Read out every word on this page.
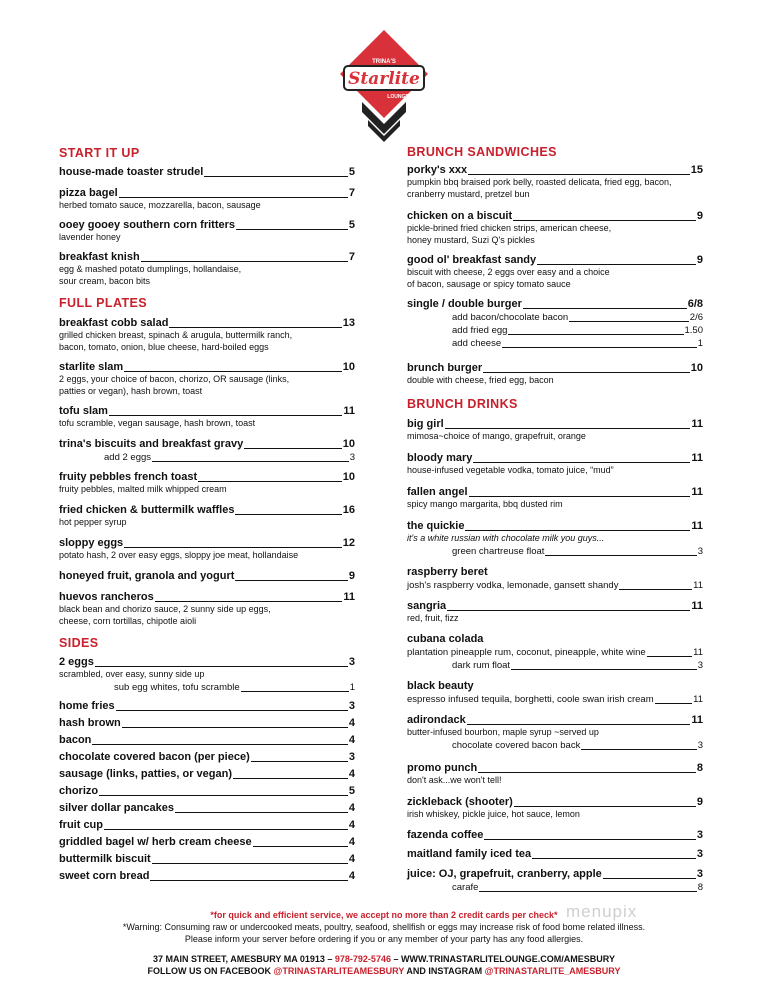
TRINA'S
Starlite
LOUNGE
START IT UP
house-made toaster strudel	5
pizza bagel	7
herbed tomato sauce, mozzarella, bacon, sausage
ooey gooey southern corn fritters	5
lavender honey
breakfast knish	7
egg & mashed potato dumplings, hollandaise,
sour cream, bacon bits
FULL PLATES
breakfast cobb salad	13
grilled chicken breast, spinach & arugula, buttermilk ranch,
bacon, tomato, onion, blue cheese, hard-boiled eggs
starlite slam	10
2 eggs, your choice of bacon, chorizo, OR sausage (links,
patties or vegan), hash brown, toast
tofu slam	11
tofu scramble, vegan sausage, hash brown, toast
trina's biscuits and breakfast gravy	10
add 2 eggs	3
fruity pebbles french toast	10
fruity pebbles, malted milk whipped cream
fried chicken & buttermilk waffles	16
hot pepper syrup
sloppy eggs	12
potato hash, 2 over easy eggs, sloppy joe meat, hollandaise
honeyed fruit, granola and yogurt	9
huevos rancheros	11
black bean and chorizo sauce, 2 sunny side up eggs,
cheese, corn tortillas, chipotle aioli
SIDES
2 eggs	3
scrambled, over easy, sunny side up
sub egg whites, tofu scramble	1
home fries	3
hash brown	4
bacon	4
chocolate covered bacon (per piece)	3
sausage (links, patties, or vegan)	4
chorizo	5
silver dollar pancakes	4
fruit cup	4
griddled bagel w/ herb cream cheese	4
buttermilk biscuit	4
sweet corn bread	4
BRUNCH SANDWICHES
porky's xxx	15
pumpkin bbq braised pork belly, roasted delicata, fried egg, bacon,
cranberry mustard, pretzel bun
chicken on a biscuit	9
pickle-brined fried chicken strips, american cheese,
honey mustard, Suzi Q's pickles
good ol' breakfast sandy	9
biscuit with cheese, 2 eggs over easy and a choice
of bacon, sausage or spicy tomato sauce
single / double burger	6/8
add bacon/chocolate bacon	2/6
add fried egg	1.50
add cheese	1
brunch burger	10
double with cheese, fried egg, bacon
BRUNCH DRINKS
big girl	11
mimosa~choice of mango, grapefruit, orange
bloody mary	11
house-infused vegetable vodka, tomato juice, “mud”
fallen angel	11
spicy mango margarita, bbq dusted rim
the quickie	11
it's a white russian with chocolate milk you guys...
green chartreuse float	3
raspberry beret
josh's raspberry vodka, lemonade, gansett shandy	11
sangria	11
red, fruit, fizz
cubana colada
plantation pineapple rum, coconut, pineapple, white wine	11
dark rum float	3
black beauty
espresso infused tequila, borghetti, coole swan irish cream	11
adirondack	11
butter-infused bourbon, maple syrup ~served up
chocolate covered bacon back	3
promo punch	8
don't ask...we won't tell!
zickleback (shooter)	9
irish whiskey, pickle juice, hot sauce, lemon
fazenda coffee	3
maitland family iced tea	3
juice: OJ, grapefruit, cranberry, apple	3
carafe	8
*for quick and efficient service, we accept no more than 2 credit cards per check*
*Warning: Consuming raw or undercooked meats, poultry, seafood, shellfish or eggs may increase risk of food bome related illness.
Please inform your server before ordering if you or any member of your party has any food allergies.
37 MAIN STREET, AMESBURY MA 01913 – 978-792-5746 – WWW.TRINASTARLITELOUNGE.COM/AMESBURY
FOLLOW US ON FACEBOOK @TRINASTARLITEAMESBURY AND INSTAGRAM @TRINASTARLITE_AMESBURY
menupix
